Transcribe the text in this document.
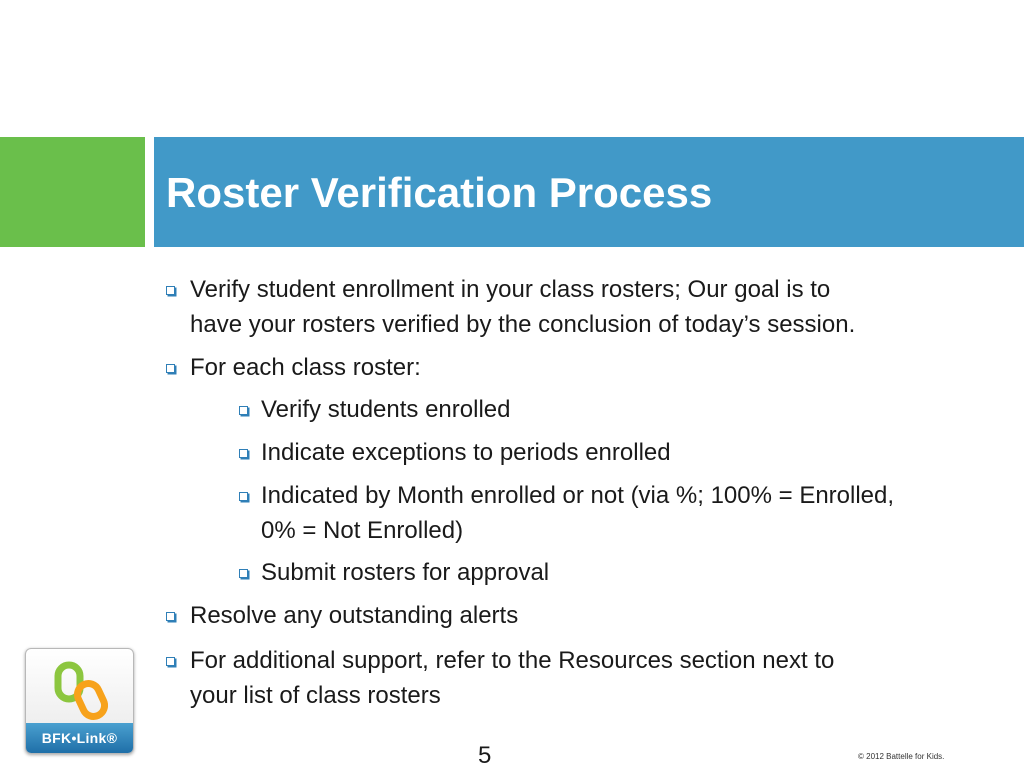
Roster Verification Process
Verify student enrollment in your class rosters; Our goal is to
have your rosters verified by the conclusion of today’s session.
For each class roster:
Verify students enrolled
Indicate exceptions to periods enrolled
Indicated by Month enrolled or not (via %; 100% = Enrolled,
0% = Not Enrolled)
Submit rosters for approval
Resolve any outstanding alerts
For additional support, refer to the Resources section next to
your list of class rosters
BFK•Link®
5	© 2012 Battelle for Kids.
